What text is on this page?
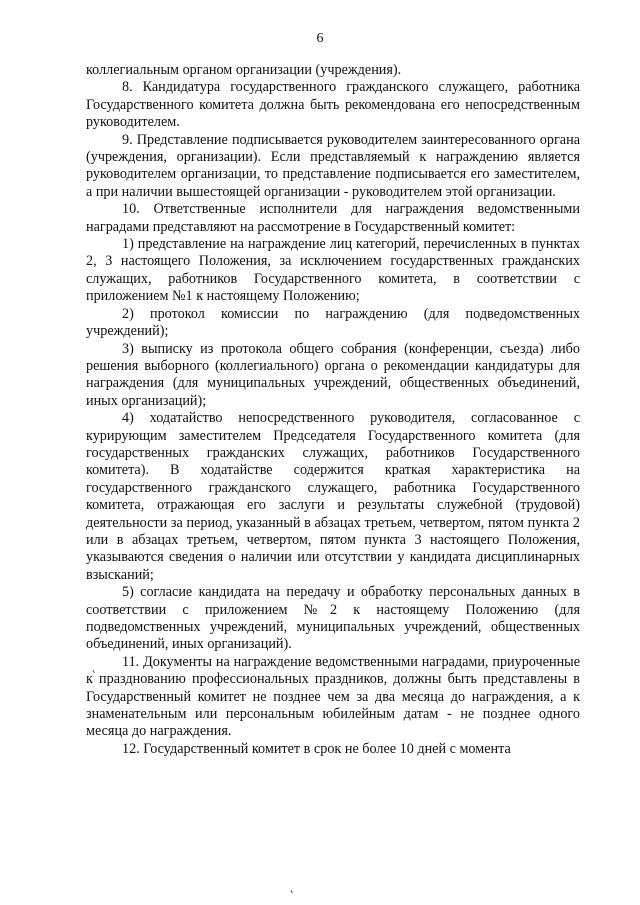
6

коллегиальным органом организации (учреждения).

8. Кандидатура государственного гражданского служащего, работника Государственного комитета должна быть рекомендована его непосредственным руководителем.

9. Представление подписывается руководителем заинтересованного органа (учреждения, организации). Если представляемый к награждению является руководителем организации, то представление подписывается его заместителем, а при наличии вышестоящей организации - руководителем этой организации.

10. Ответственные исполнители для награждения ведомственными наградами представляют на рассмотрение в Государственный комитет:

1) представление на награждение лиц категорий, перечисленных в пунктах 2, 3 настоящего Положения, за исключением государственных гражданских служащих, работников Государственного комитета, в соответствии с приложением №1 к настоящему Положению;

2) протокол комиссии по награждению (для подведомственных учреждений);

3) выписку из протокола общего собрания (конференции, съезда) либо решения выборного (коллегиального) органа о рекомендации кандидатуры для награждения (для муниципальных учреждений, общественных объединений, иных организаций);

4) ходатайство непосредственного руководителя, согласованное с курирующим заместителем Председателя Государственного комитета (для государственных гражданских служащих, работников Государственного комитета). В ходатайстве содержится краткая характеристика на государственного гражданского служащего, работника Государственного комитета, отражающая его заслуги и результаты служебной (трудовой) деятельности за период, указанный в абзацах третьем, четвертом, пятом пункта 2 или в абзацах третьем, четвертом, пятом пункта 3 настоящего Положения, указываются сведения о наличии или отсутствии у кандидата дисциплинарных взысканий;

5) согласие кандидата на передачу и обработку персональных данных в соответствии с приложением №2 к настоящему Положению (для подведомственных учреждений, муниципальных учреждений, общественных объединений, иных организаций).

11. Документы на награждение ведомственными наградами, приуроченные к празднованию профессиональных праздников, должны быть представлены в Государственный комитет не позднее чем за два месяца до награждения, а к знаменательным или персональным юбилейным датам - не позднее одного месяца до награждения.

12. Государственный комитет в срок не более 10 дней с момента

˛
˛
